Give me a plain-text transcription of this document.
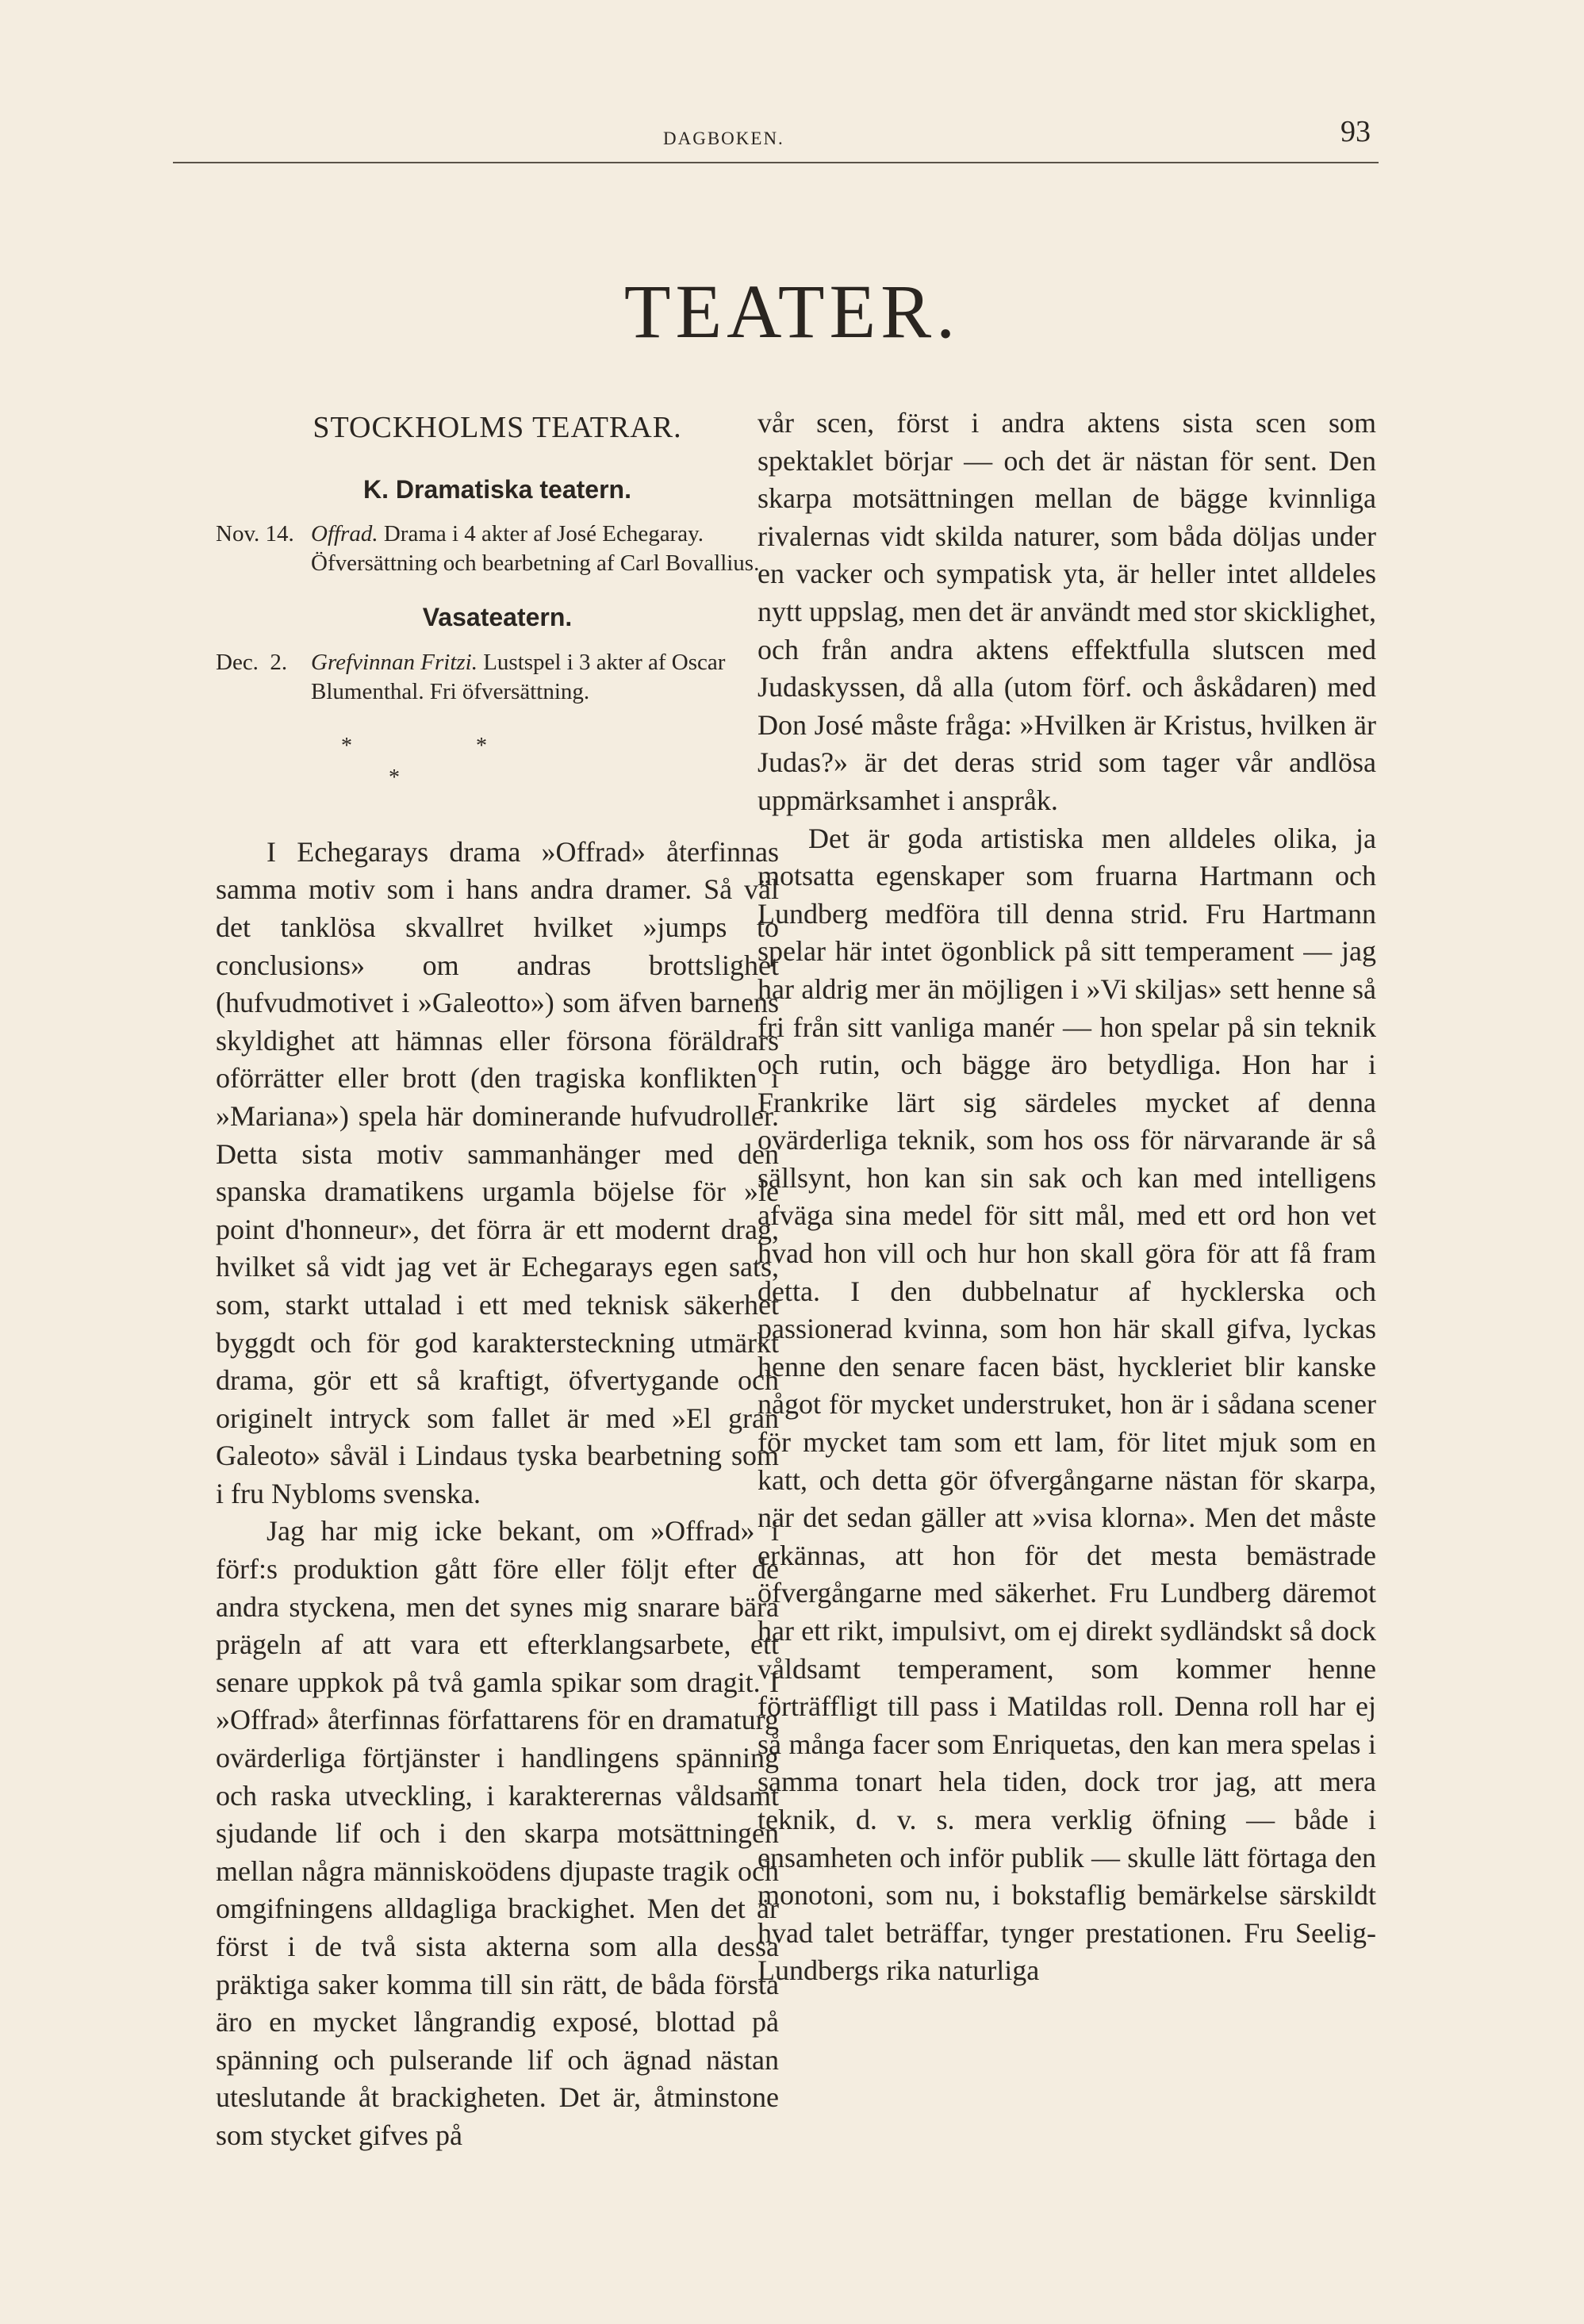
DAGBOKEN.	93
TEATER.
STOCKHOLMS TEATRAR.
K. Dramatiska teatern.
Nov. 14. Offrad. Drama i 4 akter af José Echegaray. Öfversättning och bearbetning af Carl Bovallius.
Vasateatern.
Dec.  2.	Grefvinnan Fritzi. Lustspel i 3 akter af Oscar Blumenthal. Fri öfversättning.
*
*
*

I Echegarays drama »Offrad» återfinnas samma motiv som i hans andra dramer. Så väl det tanklösa skvallret hvilket »jumps to conclusions» om andras brottslighet (hufvudmotivet i »Galeotto») som äfven barnens skyldighet att hämnas eller försona föräldrars oförrätter eller brott (den tragiska konflikten i »Mariana») spela här dominerande hufvudroller. Detta sista motiv sammanhänger med den spanska dramatikens urgamla böjelse för »le point d'honneur», det förra är ett modernt drag, hvilket så vidt jag vet är Echegarays egen sats, som, starkt uttalad i ett med teknisk säkerhet byggdt och för god karaktersteckning utmärkt drama, gör ett så kraftigt, öfvertygande och originelt intryck som fallet är med »El gran Galeoto» såväl i Lindaus tyska bearbetning som i fru Nybloms svenska.

Jag har mig icke bekant, om »Offrad» i förf:s produktion gått före eller följt efter de andra styckena, men det synes mig snarare bära prägeln af att vara ett efterklangsarbete, ett senare uppkok på två gamla spikar som dragit. I »Offrad» återfinnas författarens för en dramaturg ovärderliga förtjänster i handlingens spänning och raska utveckling, i karakterernas våldsamt sjudande lif och i den skarpa motsättningen mellan några människoödens djupaste tragik och omgifningens alldagliga brackighet. Men det är först i de två sista akterna som alla dessa präktiga saker komma till sin rätt, de båda första äro en mycket långrandig exposé, blottad på spänning och pulserande lif och ägnad nästan uteslutande åt brackigheten. Det är, åtminstone som stycket gifves på

vår scen, först i andra aktens sista scen som spektaklet börjar — och det är nästan för sent. Den skarpa motsättningen mellan de bägge kvinnliga rivalernas vidt skilda naturer, som båda döljas under en vacker och sympatisk yta, är heller intet alldeles nytt uppslag, men det är användt med stor skicklighet, och från andra aktens effektfulla slutscen med Judaskyssen, då alla (utom förf. och åskådaren) med Don José måste fråga: »Hvilken är Kristus, hvilken är Judas?» är det deras strid som tager vår andlösa uppmärksamhet i anspråk.

Det är goda artistiska men alldeles olika, ja motsatta egenskaper som fruarna Hartmann och Lundberg medföra till denna strid. Fru Hartmann spelar här intet ögonblick på sitt temperament — jag har aldrig mer än möjligen i »Vi skiljas» sett henne så fri från sitt vanliga manér — hon spelar på sin teknik och rutin, och bägge äro betydliga. Hon har i Frankrike lärt sig särdeles mycket af denna ovärderliga teknik, som hos oss för närvarande är så sällsynt, hon kan sin sak och kan med intelligens afväga sina medel för sitt mål, med ett ord hon vet hvad hon vill och hur hon skall göra för att få fram detta. I den dubbelnatur af hycklerska och passionerad kvinna, som hon här skall gifva, lyckas henne den senare facen bäst, hyckleriet blir kanske något för mycket understruket, hon är i sådana scener för mycket tam som ett lam, för litet mjuk som en katt, och detta gör öfvergångarne nästan för skarpa, när det sedan gäller att »visa klorna». Men det måste erkännas, att hon för det mesta bemästrade öfvergångarne med säkerhet. Fru Lundberg däremot har ett rikt, impulsivt, om ej direkt sydländskt så dock våldsamt temperament, som kommer henne förträffligt till pass i Matildas roll. Denna roll har ej så många facer som Enriquetas, den kan mera spelas i samma tonart hela tiden, dock tror jag, att mera teknik, d. v. s. mera verklig öfning — både i ensamheten och inför publik — skulle lätt förtaga den monotoni, som nu, i bokstaflig bemärkelse särskildt hvad talet beträffar, tynger prestationen. Fru Seelig-Lundbergs rika naturliga
